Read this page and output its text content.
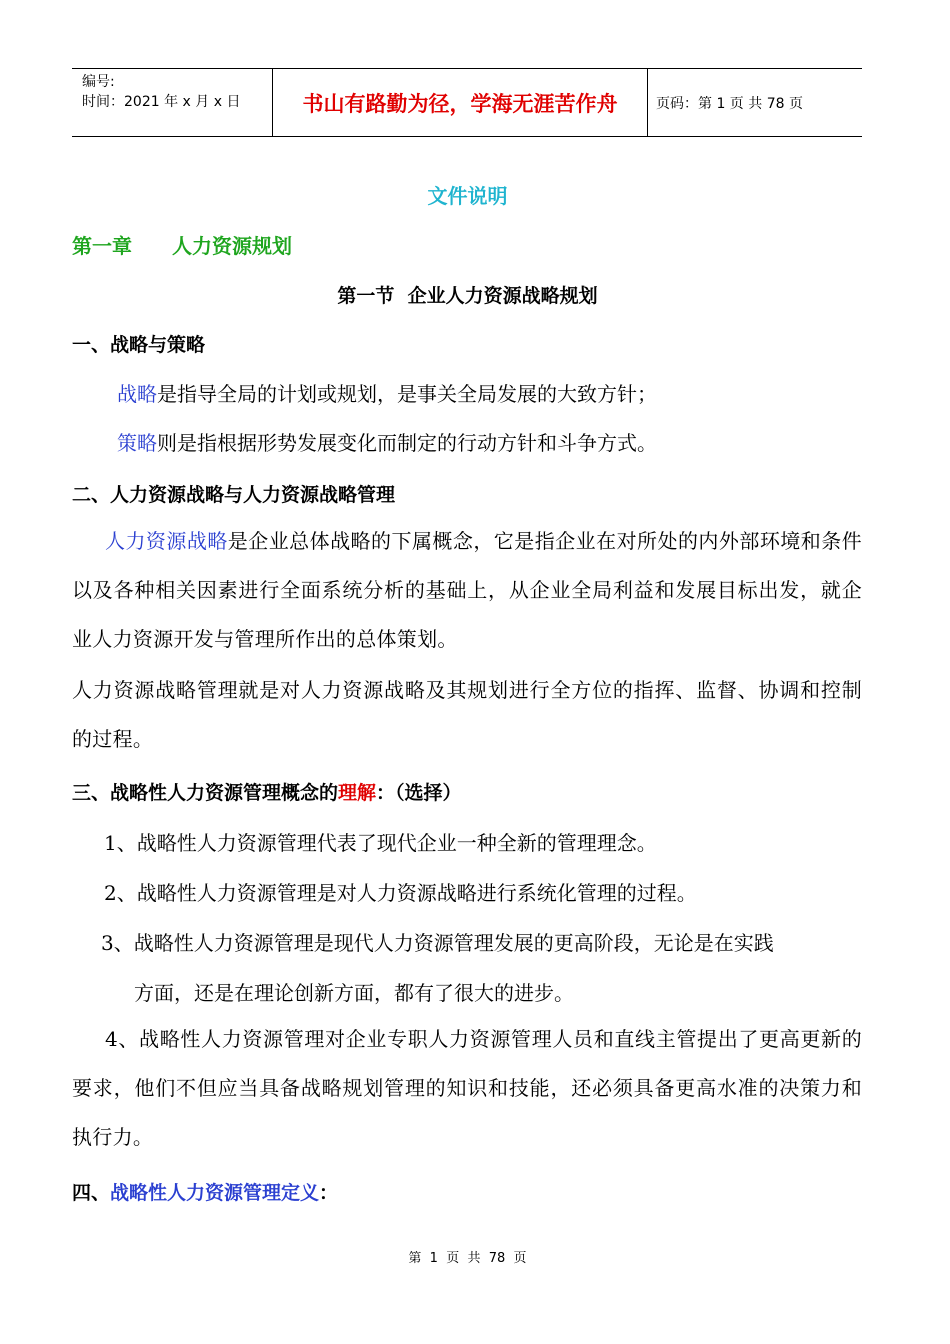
编号:
时间：2021 年 x 月 x 日	书山有路勤为径，学海无涯苦作舟	页码：第 1 页 共 78 页
文件说明
第一章 人力资源规划
第一节  企业人力资源战略规划
一、战略与策略
战略是指导全局的计划或规划，是事关全局发展的大致方针；
策略则是指根据形势发展变化而制定的行动方针和斗争方式。
二、人力资源战略与人力资源战略管理
人力资源战略是企业总体战略的下属概念，它是指企业在对所处的内外部环境和条件以及各种相关因素进行全面系统分析的基础上，从企业全局利益和发展目标出发，就企业人力资源开发与管理所作出的总体策划。
人力资源战略管理就是对人力资源战略及其规划进行全方位的指挥、监督、协调和控制的过程。
三、战略性人力资源管理概念的理解：（选择）
1、战略性人力资源管理代表了现代企业一种全新的管理理念。
2、战略性人力资源管理是对人力资源战略进行系统化管理的过程。
3、战略性人力资源管理是现代人力资源管理发展的更高阶段，无论是在实践
方面，还是在理论创新方面，都有了很大的进步。
4、战略性人力资源管理对企业专职人力资源管理人员和直线主管提出了更高更新的要求，他们不但应当具备战略规划管理的知识和技能，还必须具备更高水准的决策力和执行力。
四、战略性人力资源管理定义：
第  1  页  共  78  页
